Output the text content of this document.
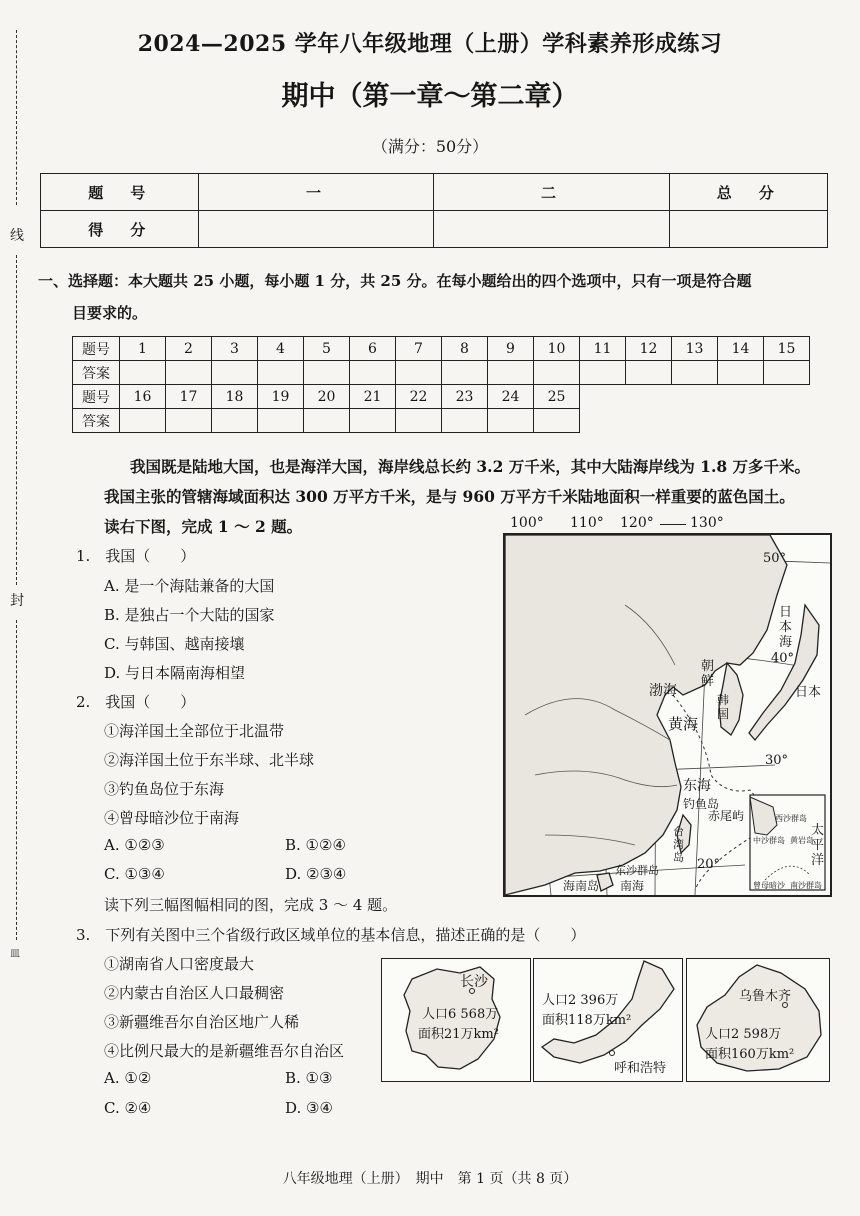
线
封
皿
2024—2025 学年八年级地理（上册）学科素养形成练习
期中（第一章～第二章）
（满分：50分）
题　号	一	二	总　分
得　分			
一、选择题：本大题共 25 小题，每小题 1 分，共 25 分。在每小题给出的四个选项中，只有一项是符合题
目要求的。
题号	1	2	3	4	5	6	7	8	9	10	11	12	13	14	15
答案															
题号	16	17	18	19	20	21	22	23	24	25					
答案															
我国既是陆地大国，也是海洋大国，海岸线总长约 3.2 万千米，其中大陆海岸线为 1.8 万多千米。
我国主张的管辖海域面积达 300 万平方千米，是与 960 万平方千米陆地面积一样重要的蓝色国土。
读右下图，完成 1 ～ 2 题。
1.　我国（　　）
A. 是一个海陆兼备的大国
B. 是独占一个大陆的国家
C. 与韩国、越南接壤
D. 与日本隔南海相望
2.　我国（　　）
①海洋国土全部位于北温带
②海洋国土位于东半球、北半球
③钓鱼岛位于东海
④曾母暗沙位于南海
A. ①②③	B. ①②④
C. ①③④	D. ②③④
读下列三幅图幅相同的图，完成 3 ～ 4 题。
3.　下列有关图中三个省级行政区域单位的基本信息，描述正确的是（　　）
①湖南省人口密度最大
②内蒙古自治区人口最稠密
③新疆维吾尔自治区地广人稀
④比例尺最大的是新疆维吾尔自治区
A. ①②	B. ①③
C. ②④	D. ③④
100° 110° 120°	130°
50°
40°
30°
20°
日本海
渤海
朝鲜
韩国
黄海
日本
东海
钓鱼岛
赤尾屿
台湾岛
太平洋
东沙群岛
海南岛 南海
西沙群岛
中沙群岛 黄岩岛
曾母暗沙 南沙群岛
长沙
人口6 568万
面积21万km²
人口2 396万
面积118万km²
呼和浩特
乌鲁木齐
人口2 598万
面积160万km²
八年级地理（上册）　期中　第 1 页（共 8 页）
